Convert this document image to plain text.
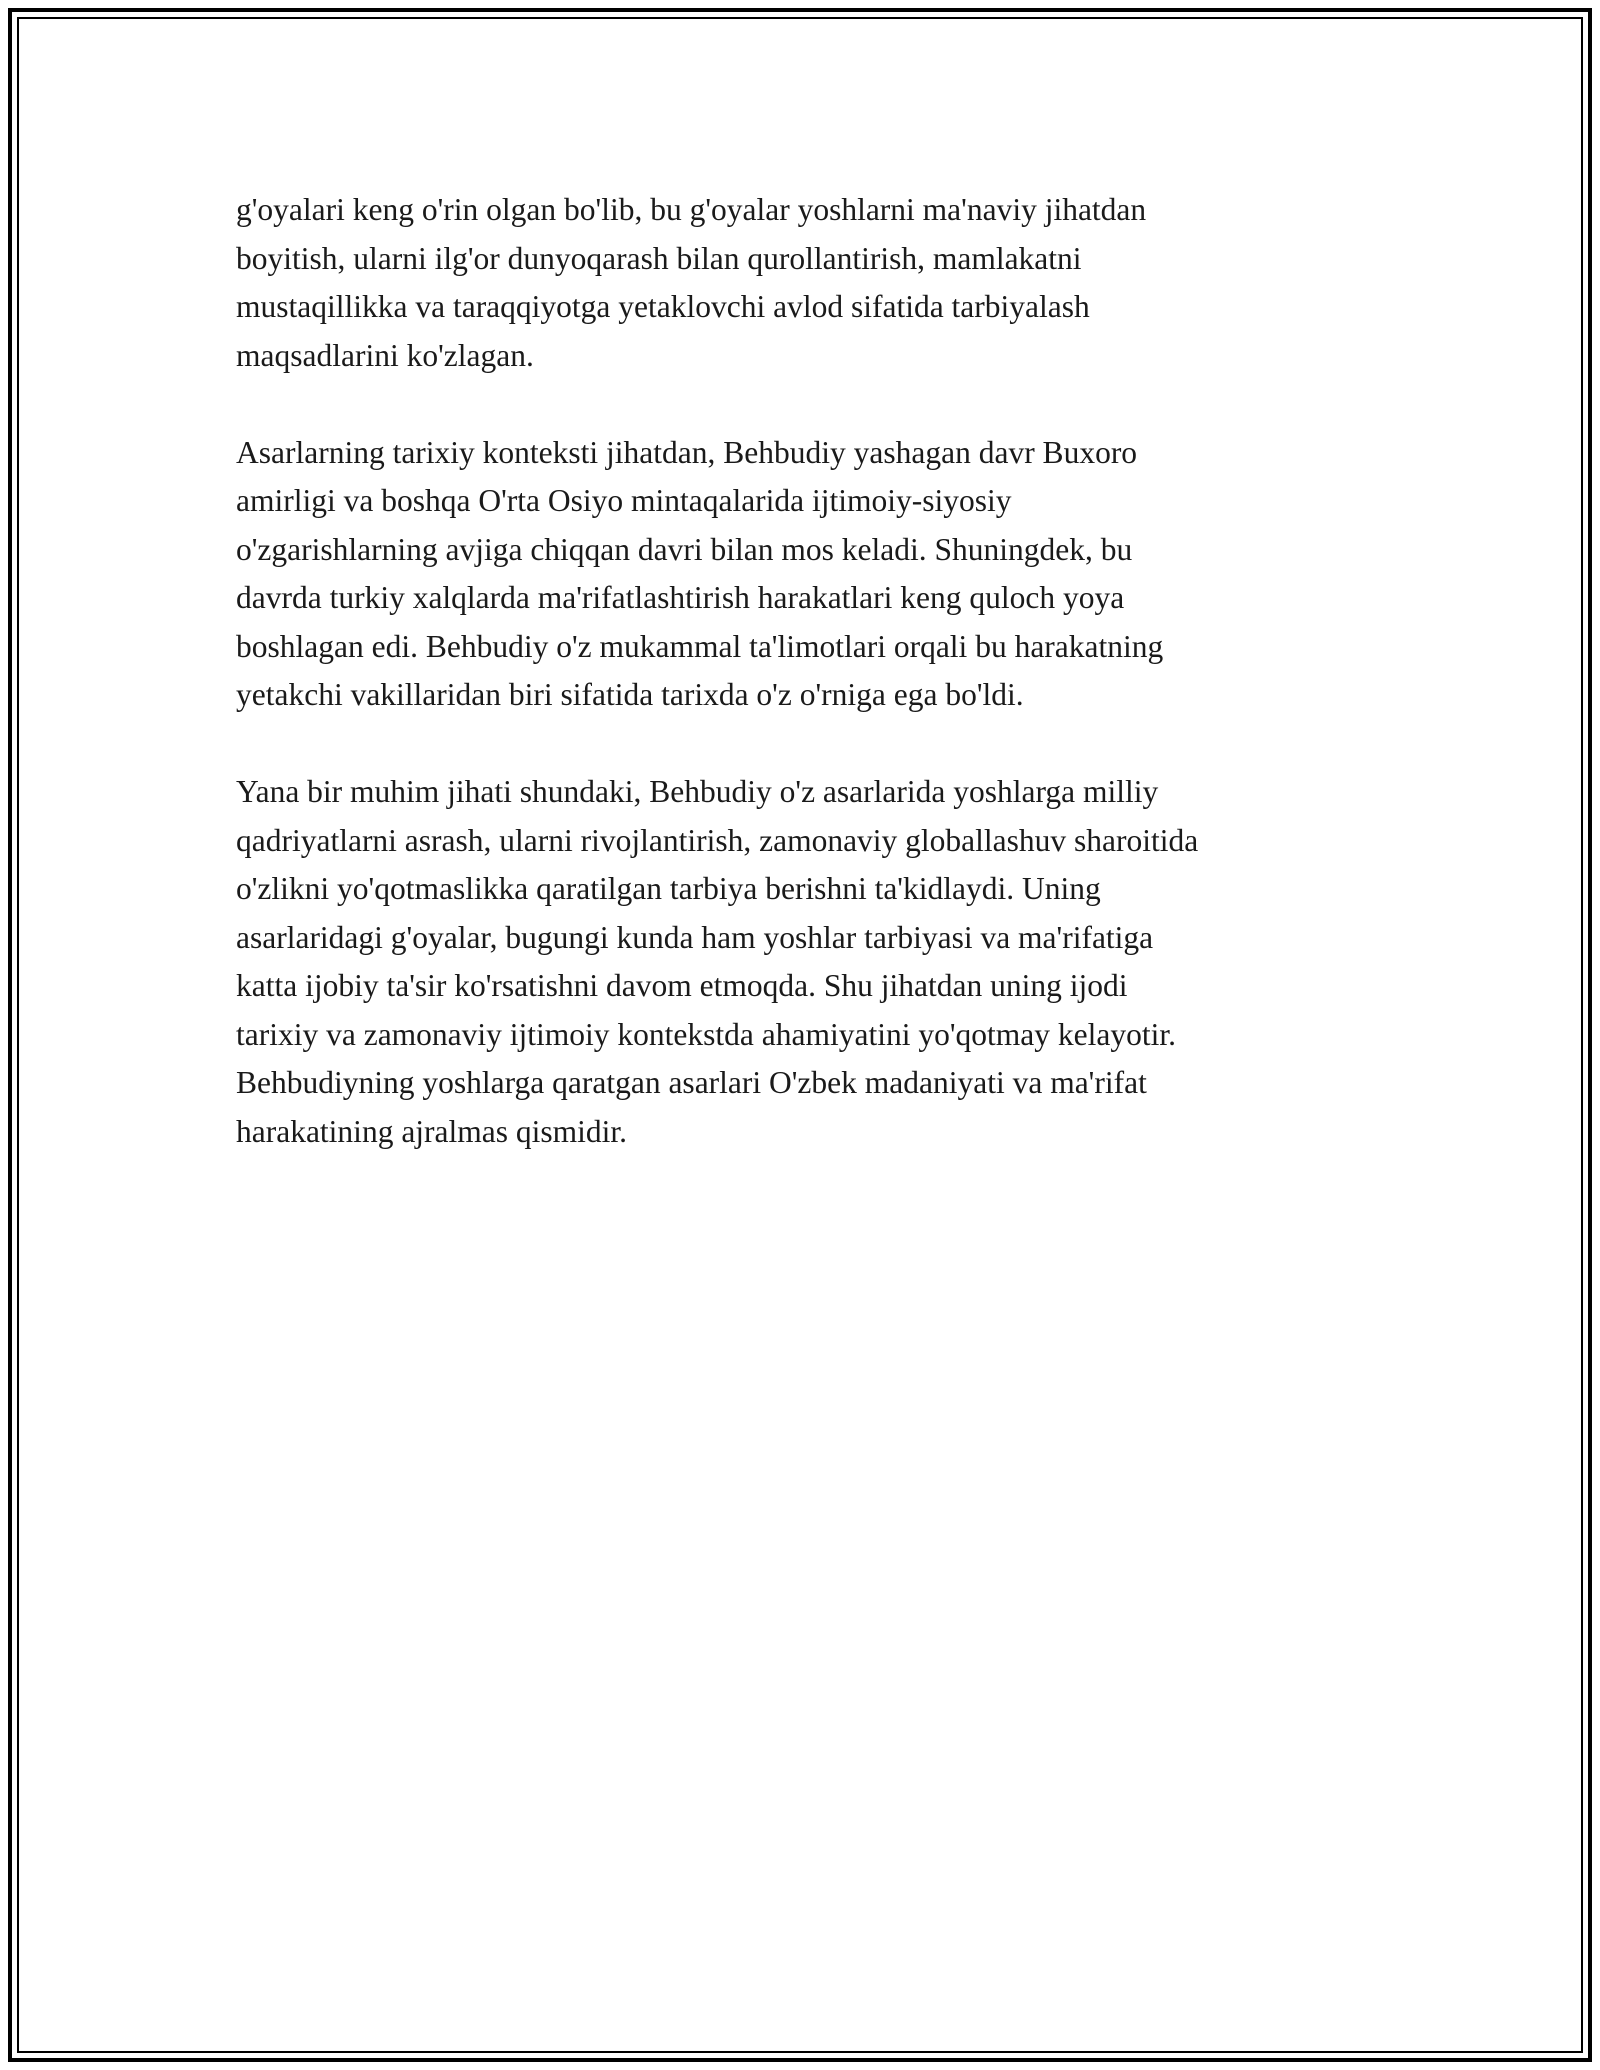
g'oyalari keng o'rin olgan bo'lib, bu g'oyalar yoshlarni ma'naviy jihatdan
boyitish, ularni ilg'or dunyoqarash bilan qurollantirish, mamlakatni
mustaqillikka va taraqqiyotga yetaklovchi avlod sifatida tarbiyalash
maqsadlarini ko'zlagan.

Asarlarning tarixiy konteksti jihatdan, Behbudiy yashagan davr Buxoro
amirligi va boshqa O'rta Osiyo mintaqalarida ijtimoiy-siyosiy
o'zgarishlarning avjiga chiqqan davri bilan mos keladi. Shuningdek, bu
davrda turkiy xalqlarda ma'rifatlashtirish harakatlari keng quloch yoya
boshlagan edi. Behbudiy o'z mukammal ta'limotlari orqali bu harakatning
yetakchi vakillaridan biri sifatida tarixda o'z o'rniga ega bo'ldi.

Yana bir muhim jihati shundaki, Behbudiy o'z asarlarida yoshlarga milliy
qadriyatlarni asrash, ularni rivojlantirish, zamonaviy globallashuv sharoitida
o'zlikni yo'qotmaslikka qaratilgan tarbiya berishni ta'kidlaydi. Uning
asarlaridagi g'oyalar, bugungi kunda ham yoshlar tarbiyasi va ma'rifatiga
katta ijobiy ta'sir ko'rsatishni davom etmoqda. Shu jihatdan uning ijodi
tarixiy va zamonaviy ijtimoiy kontekstda ahamiyatini yo'qotmay kelayotir.
Behbudiyning yoshlarga qaratgan asarlari O'zbek madaniyati va ma'rifat
harakatining ajralmas qismidir.
